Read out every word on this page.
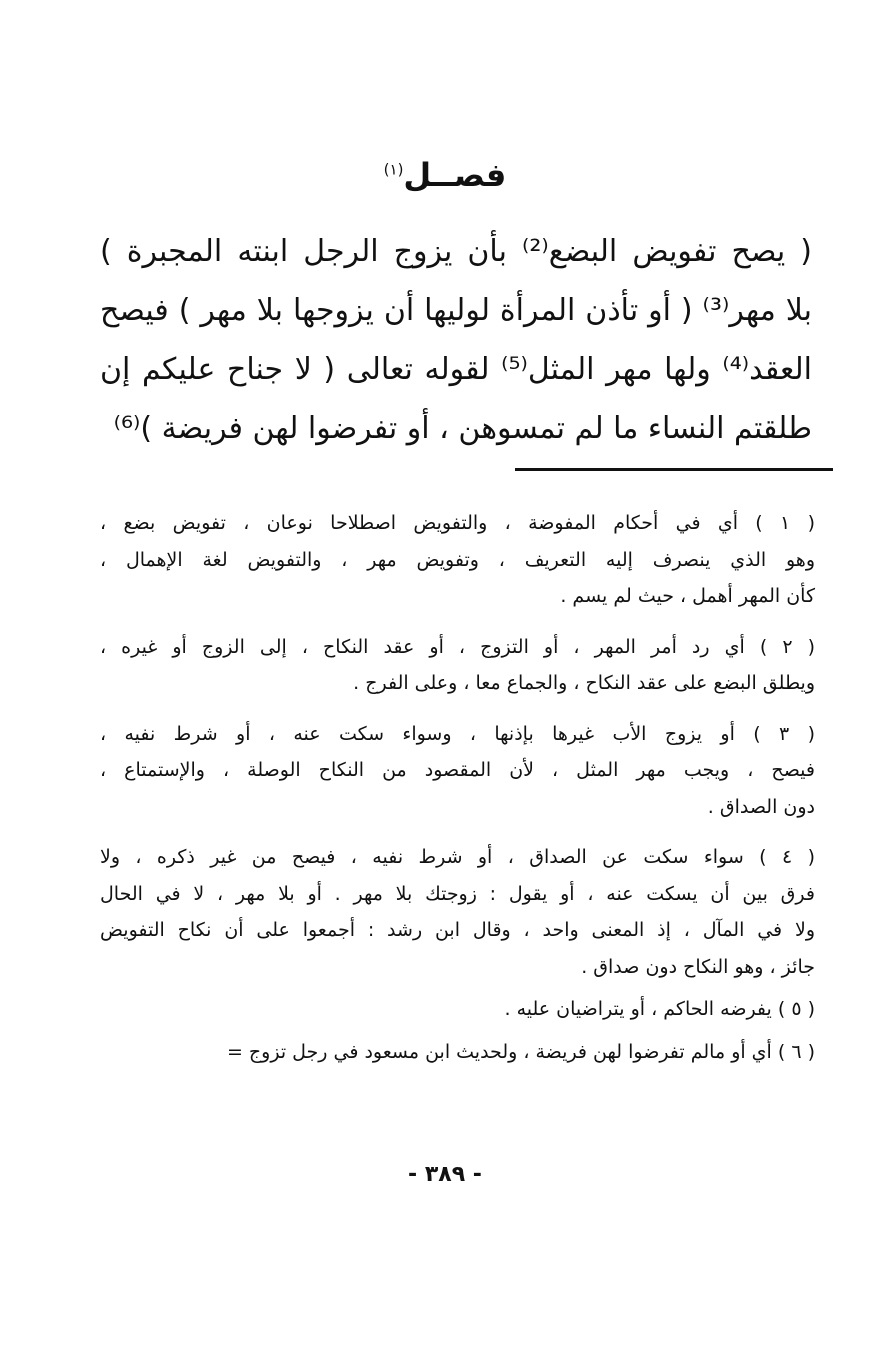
فصــل$^{(١)}$
( يصح تفويض البضع⁽²⁾ بأن يزوج الرجل ابنته المجبرة )
بلا مهر⁽³⁾ ( أو تأذن المرأة لوليها أن يزوجها بلا مهر ) فيصح
العقد⁽⁴⁾ ولها مهر المثل⁽⁵⁾ لقوله تعالى ( لا جناح عليكم إن
طلقتم النساء ما لم تمسوهن ، أو تفرضوا لهن فريضة )⁽⁶⁾

( ١ ) أي في أحكام المفوضة ، والتفويض اصطلاحا نوعان ، تفويض بضع ،
وهو الذي ينصرف إليه التعريف ، وتفويض مهر ، والتفويض لغة الإهمال ،
كأن المهر أهمل ، حيث لم يسم .

( ٢ ) أي رد أمر المهر ، أو التزوج ، أو عقد النكاح ، إلى الزوج أو غيره ،
ويطلق البضع على عقد النكاح ، والجماع معا ، وعلى الفرج .

( ٣ ) أو يزوج الأب غيرها بإذنها ، وسواء سكت عنه ، أو شرط نفيه ،
فيصح ، ويجب مهر المثل ، لأن المقصود من النكاح الوصلة ، والإستمتاع ،
دون الصداق .

( ٤ ) سواء سكت عن الصداق ، أو شرط نفيه ، فيصح من غير ذكره ، ولا
فرق بين أن يسكت عنه ، أو يقول : زوجتك بلا مهر . أو بلا مهر ، لا في الحال
ولا في المآل ، إذ المعنى واحد ، وقال ابن رشد : أجمعوا على أن نكاح التفويض
جائز ، وهو النكاح دون صداق .

( ٥ ) يفرضه الحاكم ، أو يتراضيان عليه .

( ٦ ) أي أو مالم تفرضوا لهن فريضة ، ولحديث ابن مسعود في رجل تزوج =

- ٣٨٩ -
